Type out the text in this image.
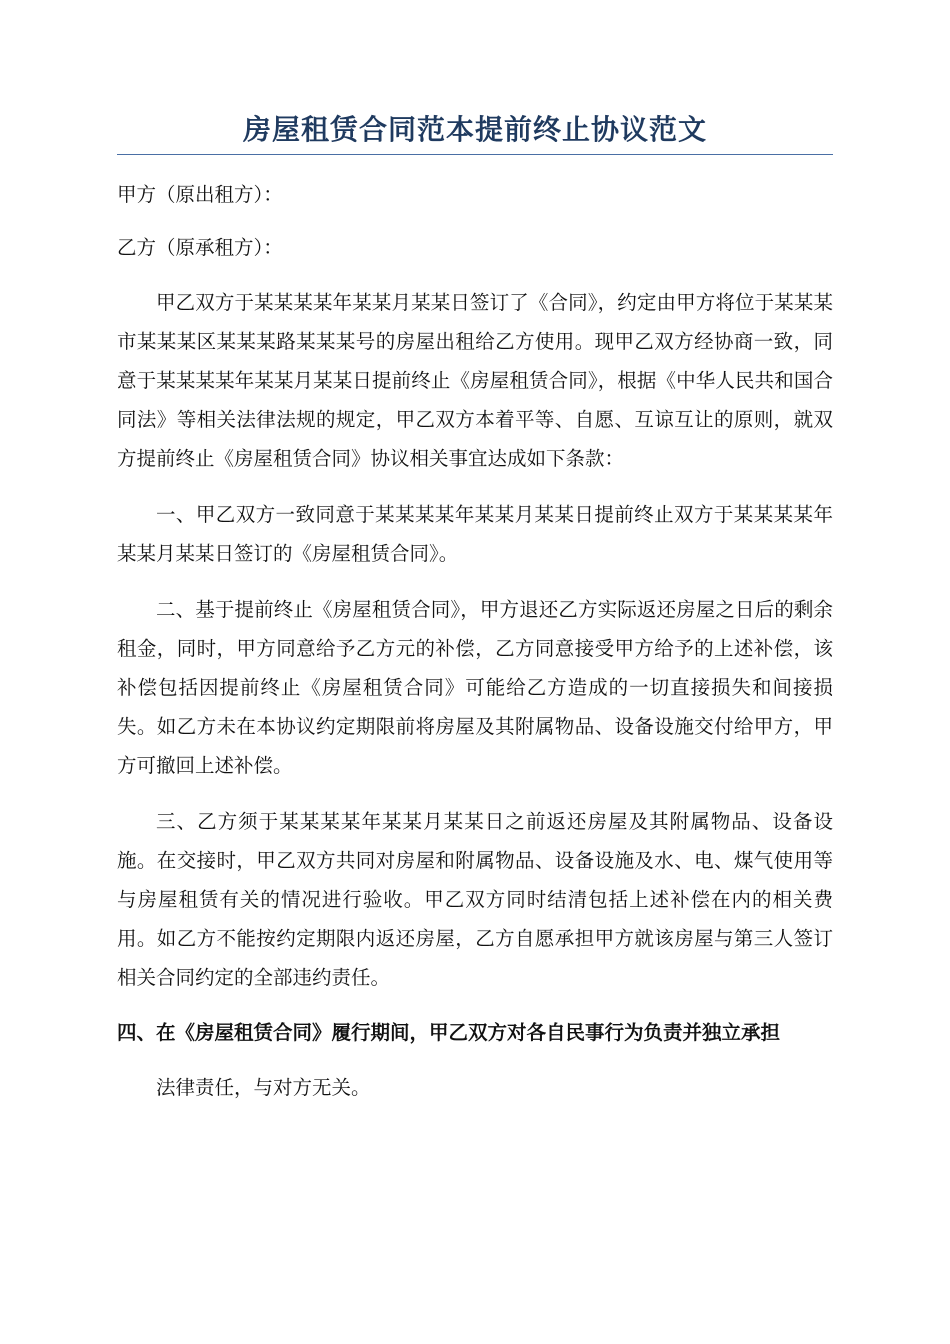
房屋租赁合同范本提前终止协议范文

甲方（原出租方）：

乙方（原承租方）：

甲乙双方于某某某某年某某月某某日签订了《合同》，约定由甲方将位于某某某市某某某区某某某路某某某号的房屋出租给乙方使用。现甲乙双方经协商一致，同意于某某某某年某某月某某日提前终止《房屋租赁合同》，根据《中华人民共和国合同法》等相关法律法规的规定，甲乙双方本着平等、自愿、互谅互让的原则，就双方提前终止《房屋租赁合同》协议相关事宜达成如下条款：

一、甲乙双方一致同意于某某某某年某某月某某日提前终止双方于某某某某年某某月某某日签订的《房屋租赁合同》。

二、基于提前终止《房屋租赁合同》，甲方退还乙方实际返还房屋之日后的剩余租金，同时，甲方同意给予乙方元的补偿，乙方同意接受甲方给予的上述补偿，该补偿包括因提前终止《房屋租赁合同》可能给乙方造成的一切直接损失和间接损失。如乙方未在本协议约定期限前将房屋及其附属物品、设备设施交付给甲方，甲方可撤回上述补偿。

三、乙方须于某某某某年某某月某某日之前返还房屋及其附属物品、设备设施。在交接时，甲乙双方共同对房屋和附属物品、设备设施及水、电、煤气使用等与房屋租赁有关的情况进行验收。甲乙双方同时结清包括上述补偿在内的相关费用。如乙方不能按约定期限内返还房屋，乙方自愿承担甲方就该房屋与第三人签订相关合同约定的全部违约责任。

四、在《房屋租赁合同》履行期间，甲乙双方对各自民事行为负责并独立承担

法律责任，与对方无关。
